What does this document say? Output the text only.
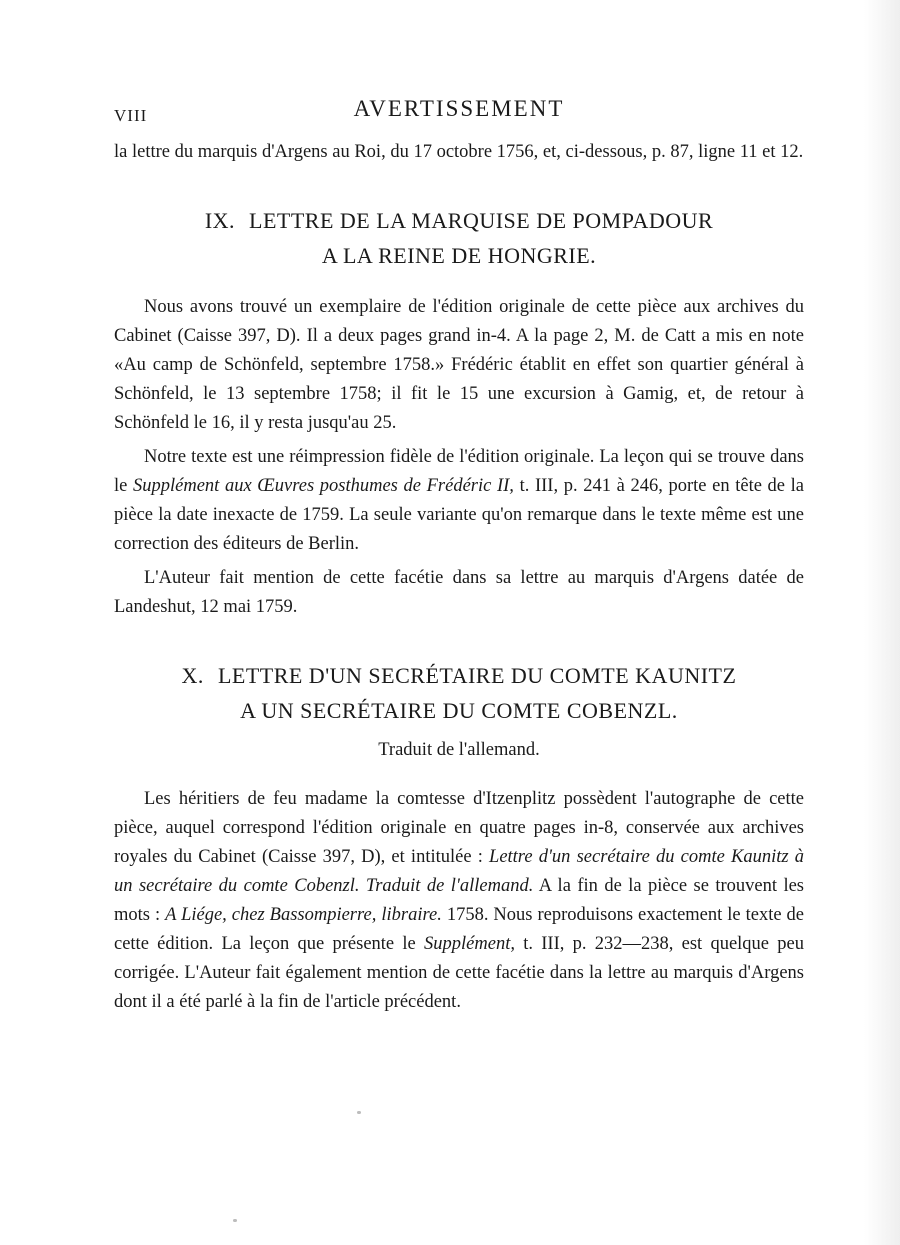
VIII	AVERTISSEMENT

la lettre du marquis d'Argens au Roi, du 17 octobre 1756, et, ci-dessous, p. 87, ligne 11 et 12.

IX. LETTRE DE LA MARQUISE DE POMPADOUR
A LA REINE DE HONGRIE.

Nous avons trouvé un exemplaire de l'édition originale de cette pièce aux archives du Cabinet (Caisse 397, D). Il a deux pages grand in-4. A la page 2, M. de Catt a mis en note «Au camp de Schönfeld, septembre 1758.» Frédéric établit en effet son quartier général à Schönfeld, le 13 septembre 1758; il fit le 15 une excursion à Gamig, et, de retour à Schönfeld le 16, il y resta jusqu'au 25.

Notre texte est une réimpression fidèle de l'édition originale. La leçon qui se trouve dans le Supplément aux Œuvres posthumes de Frédéric II, t. III, p. 241 à 246, porte en tête de la pièce la date inexacte de 1759. La seule variante qu'on remarque dans le texte même est une correction des éditeurs de Berlin.

L'Auteur fait mention de cette facétie dans sa lettre au marquis d'Argens datée de Landeshut, 12 mai 1759.

X. LETTRE D'UN SECRÉTAIRE DU COMTE KAUNITZ
A UN SECRÉTAIRE DU COMTE COBENZL.
Traduit de l'allemand.

Les héritiers de feu madame la comtesse d'Itzenplitz possèdent l'autographe de cette pièce, auquel correspond l'édition originale en quatre pages in-8, conservée aux archives royales du Cabinet (Caisse 397, D), et intitulée : Lettre d'un secrétaire du comte Kaunitz à un secrétaire du comte Cobenzl. Traduit de l'allemand. A la fin de la pièce se trouvent les mots : A Liége, chez Bassompierre, libraire. 1758. Nous reproduisons exactement le texte de cette édition. La leçon que présente le Supplément, t. III, p. 232—238, est quelque peu corrigée. L'Auteur fait également mention de cette facétie dans la lettre au marquis d'Argens dont il a été parlé à la fin de l'article précédent.
